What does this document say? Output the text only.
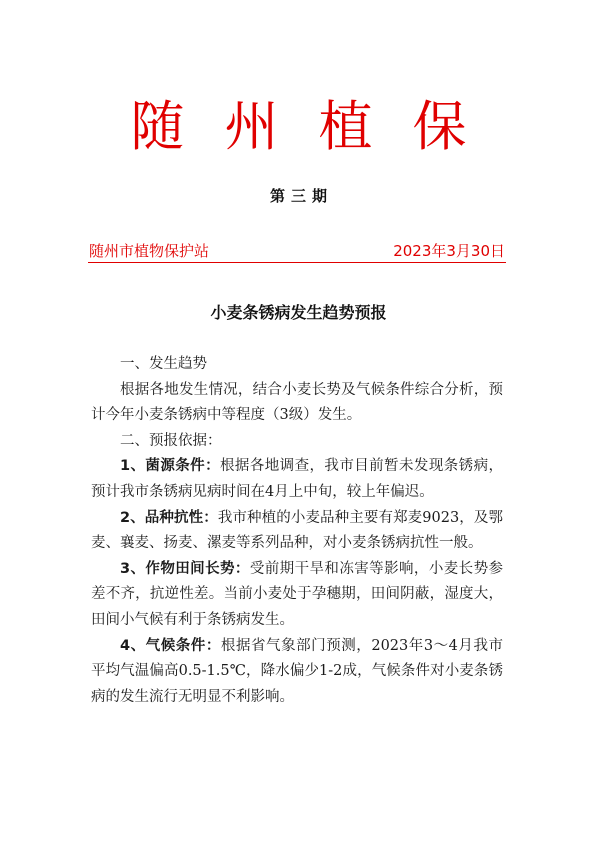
随州植保
第三期
随州市植物保护站	2023年3月30日
小麦条锈病发生趋势预报

一、发生趋势

根据各地发生情况，结合小麦长势及气候条件综合分析，预计今年小麦条锈病中等程度（3级）发生。

二、预报依据：

1、菌源条件：根据各地调查，我市目前暂未发现条锈病，预计我市条锈病见病时间在4月上中旬，较上年偏迟。

2、品种抗性：我市种植的小麦品种主要有郑麦9023，及鄂麦、襄麦、扬麦、漯麦等系列品种，对小麦条锈病抗性一般。

3、作物田间长势：受前期干旱和冻害等影响，小麦长势参差不齐，抗逆性差。当前小麦处于孕穗期，田间阴蔽，湿度大，田间小气候有利于条锈病发生。

4、气候条件：根据省气象部门预测，2023年3～4月我市平均气温偏高0.5-1.5℃，降水偏少1-2成，气候条件对小麦条锈病的发生流行无明显不利影响。
